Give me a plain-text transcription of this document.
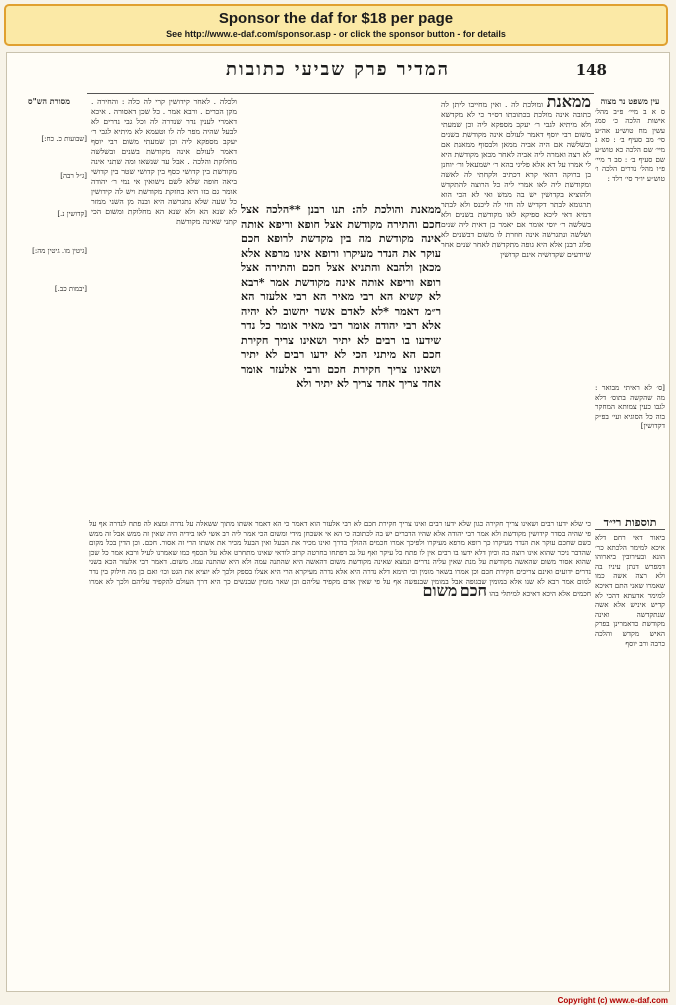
Sponsor the daf for $18 per page
See http://www.e-daf.com/sponsor.asp - or click the sponsor button - for details
148
המדיר פרק שביעי כתובות
עין משפט נר מצוה
ס א ב מיי׳ פ״ב מהל׳ אישות הלכה כ׳ סמג עשין מח טוש״ע אה״ע סי׳ מב סעיף ב׳ : סא ג מיי׳ שם הלכה כא טוש״ע שם סעיף ב׳ : סב ד מיי׳ פ״ו מהל׳ נדרים הלכה ו׳ טוש״ע יו״ד סי׳ רלד :
[ס׳ לא ראיתי מבואר : מה שהקשה בתוס׳ דלא לגבו כעין צמותא המחקר בוה כל הסוגיא ועי׳ בפ״ק דקדושין]
תוספות רי״ד
ביאור דאי רחם דלא איכא למימר הלכתא כר׳ הונא ובעירובין ביארוהו דמפרש דנתן עיניו בה ולא רצה אשה כמו שאמרו שאני התם דאיכא למימר אדעתא דהכי לא קדיש איניש אלא אשה שנתקדשה ואינה מקודשת כדאמרינן בפרק האיש מקדש והלכה כרבה ורב יוסף
ממאנת ומולכת לה . ואין מחייבו ליתן לה כתובה אינה מולכת בכתובתו דס״ד כי לא מקדשא ולא מיתיא לגבי ר׳ יעקב מספקא ליה וכן שמעתי משום רבי יוסף דאמר לעולם אינה מקודשת בשנים ובשלשה אם היה אביה ממאן ולבסוף ממאנת אם לא רצה ואמרה ליה אביה לאחר מכאן מקודשת היא לי אמרו על דא אלא פליגי בהא ר׳ ישמעאל ור׳ יוחנן בן ברוקה דהאי קרא דכתיב ולקחתי לה לאשה ומקודשת ליה לאו אמרי ליה כל הרוצה להתקדש ולהוציא בקדושין יש בה ממש ואי לא הכי הוא תרגומא לבתר דקדיש לה חזי לה ליכנס ולא לבתר דמיא דאי ליכא ספיקא לאו מקודשת בשנים ולא בשלשה ר׳ יוסי אומר אם יאמר כן דאית ליה שנים ושלשה ונתגרשה אינה חוזרת לו משום דבשנים לא פלוג רבנן אלא היא גופה מתקדשת לאחר שנים אחר שיודעים שקדושיה אינם קדושין
ממאנת והולכת לה: תנו רבנן **הלכה אצל חכם והתירה מקודשת אצל חופא וריפא אותה אינה מקודשת מה בין מקדשת לרופא חכם עוקר את הנדר מעיקרו ורופא אינו מרפא אלא מכאן ולהבא והתניא אצל חכם והתירה אצל רופא וריפא אותה אינה מקודשת אמר *רבא לא קשיא הא רבי מאיר הא רבי אלעזר הא ר״מ דאמר *לא לאדם אשר יחשוב לא יהיה אלא רבי יהודה אומר רבי מאיר אומר כל נדר שידעו בו רבים לא יתיר ושאינו צריך חקירת חכם הא מיתני הכי לא ידעו רבים לא יתיר ושאינו צריך חקירת חכם ורבי אלעזר אומר אחד צריך אחד צריך לא יתיר ולא
ולכלה . לאחר קידושין קרי לה כלה : והחירה . מקן הכרים . ורבא אמר . כל שכן דאסורה . איכא דאמרי לענין נדר שנדרה לה וכל גבי נדרים לא לבעל שהיה מפר לה לו וטעמא לא מיתיא לגבי ר׳ יעקב מספקא ליה וכן שמעתי משום רבי יוסף דאמר לעולם אינה מקודשת בשנים ובשלשה מחלוקת והלכה . אבל עד שנשאו ומה שתני אינה מקודשת בין קדושי כסף בין קדושי שטר בין קדושי ביאה חופה שלא לשם נישואין אי נמי ר׳ יהודה אומר גם בזו היא בחזקת מקודשת ויש לה קידושין כל שעה שלא נתגרשה היא ובנה מן השני ממזר לא שנא הא ולא שנא הא מחלוקת ומשום הכי קתני שאינה מקודשת
מסורת הש"ס
[שבועות כ. כח:]
[ג״ל רבה]
[קדושין נ.]
[גיטין מו. גיטין מה:]
[יבמות כב.]
כי שלא ידעו רבים ושאינו צריך חקירה כגון שלא ידעו רבים ואינו צריך חקירת חכם לא רבי אלעזר הוא דאמר כי הא דאמר אשתו מתוך ששאלה על נדרה ומצא לה פתח לנדרה אף על פי שהיה בסדר קידושין מקודשת ולא אמר רבי יהודה אלא שהיו הדברים יש בה לכתובה כי הא אי אשכחן מידי ומשום הכי אמר ליה רב אשי לאו בידיה היה שאין זה ממש אבל זה ממש כשם שחכם עוקר את הנדר מעיקרו כך רופא מרפא מעיקרו ולפיכך אמרו חכמים ההולך בדרך ואינו מכיר את הבעל ואין הבעל מכיר את אשתו הרי זה אסור. חכם. וכן הדין בכל מקום שהדבר ניכר שהוא אינו רוצה בה וכיון דלא ידעו בו רבים אין לו פתח כל עיקר ואף על גב דפתחו בחרטה קרוב לודאי שאינו מתחרט אלא על הכסף כמו שאמרנו לעיל ורבא אמר כל שכן שהוא אסור משום שהאשה מקודשת על מנת שאין עליה נדרים ונמצא שאינה מקודשת משום דהאשה היא שהתנה עמה ולא היא שהתנה עמו. משום. דאמר רבי אלעזר הכא בשני נדרים ידועים ואינם צריכים חקירת חכם וכן אמרו בשאר מומין וכי תימא דלא נדרה היא אלא נדרה מעיקרא הרי היא אצלו בספק ולכך לא יוציא את הגט וכו׳ ואם כן מה חילוק בין נדר למום אמר רבא לא שנו אלא במומין שבגופה אבל במומין שבנפשה אף על פי שאין אדם מקפיד עליהם וכן שאר מומין שבנשים כך היא דרך העולם להקפיד עליהם ולכך לא אמרו חכמים אלא היכא דאיכא למיתלי בהו חכם משום
Copyright (c) www.e-daf.com
